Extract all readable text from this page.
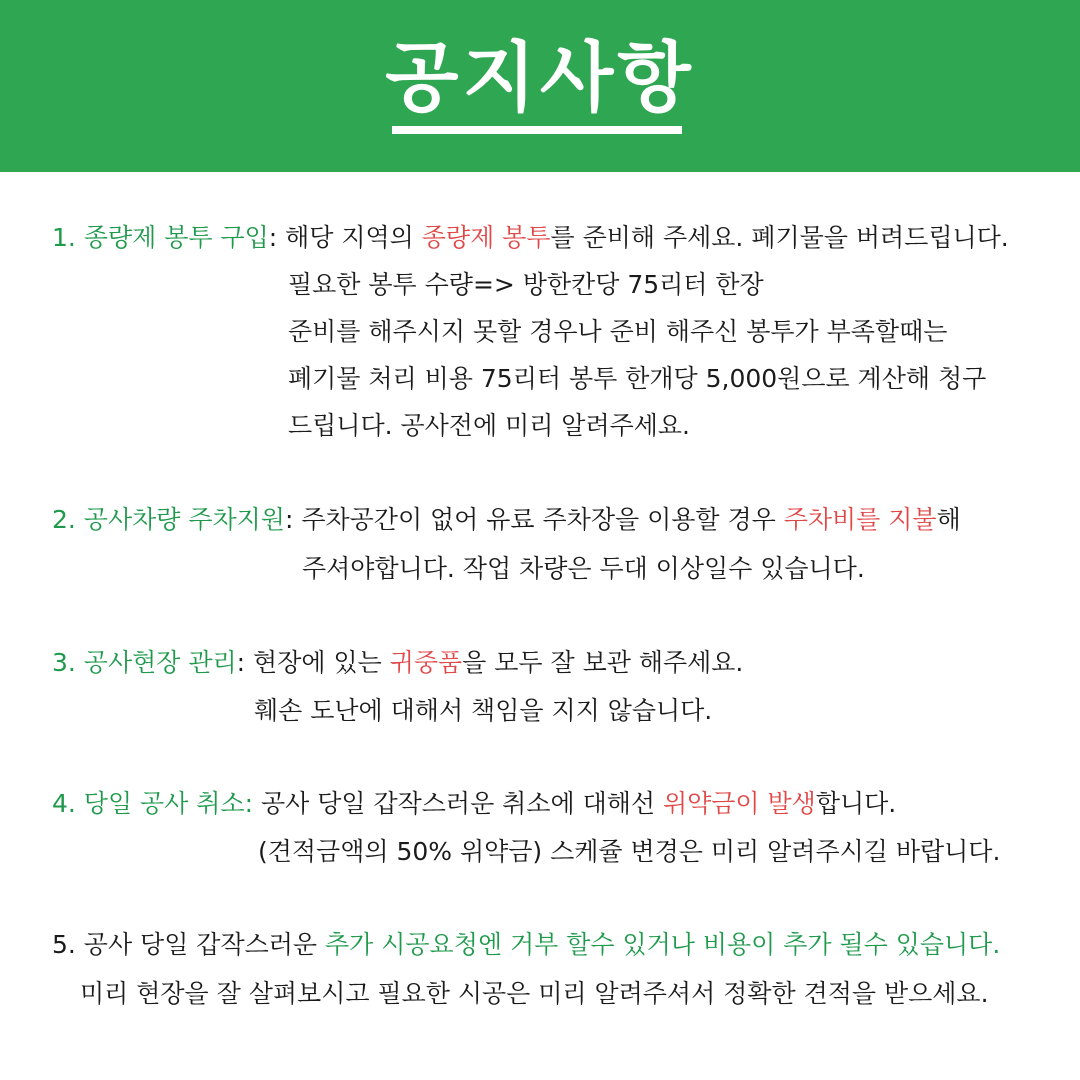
공지사항
1. 종량제 봉투 구입: 해당 지역의 종량제 봉투를 준비해 주세요. 폐기물을 버려드립니다.
필요한 봉투 수량=> 방한칸당 75리터 한장
준비를 해주시지 못할 경우나 준비 해주신 봉투가 부족할때는
폐기물 처리 비용 75리터 봉투 한개당 5,000원으로 계산해 청구
드립니다. 공사전에 미리 알려주세요.
2. 공사차량 주차지원: 주차공간이 없어 유료 주차장을 이용할 경우 주차비를 지불해
주셔야합니다. 작업 차량은 두대 이상일수 있습니다.
3. 공사현장 관리: 현장에 있는 귀중품을 모두 잘 보관 해주세요.
훼손 도난에 대해서 책임을 지지 않습니다.
4. 당일 공사 취소: 공사 당일 갑작스러운 취소에 대해선 위약금이 발생합니다.
(견적금액의 50% 위약금) 스케쥴 변경은 미리 알려주시길 바랍니다.
5. 공사 당일 갑작스러운 추가 시공요청엔 거부 할수 있거나 비용이 추가 될수 있습니다.
미리 현장을 잘 살펴보시고 필요한 시공은 미리 알려주셔서 정확한 견적을 받으세요.
